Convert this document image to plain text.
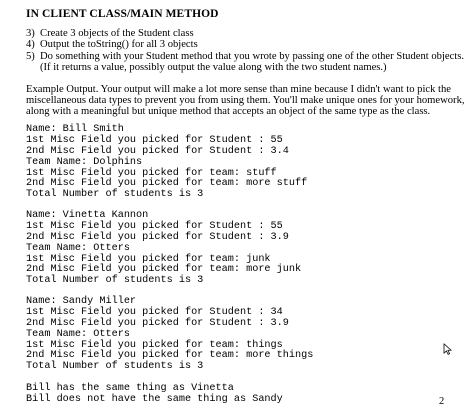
IN CLIENT CLASS/MAIN METHOD
3) Create 3 objects of the Student class
4) Output the toString() for all 3 objects
5) Do something with your Student method that you wrote by passing one of the other Student objects. (If it returns a value, possibly output the value along with the two student names.)
Example Output. Your output will make a lot more sense than mine because I didn't want to pick the miscellaneous data types to prevent you from using them. You'll make unique ones for your homework, along with a meaningful but unique method that accepts an object of the same type as the class.

Name: Bill Smith
1st Misc Field you picked for Student : 55
2nd Misc Field you picked for Student : 3.4
Team Name: Dolphins
1st Misc Field you picked for team: stuff
2nd Misc Field you picked for team: more stuff
Total Number of students is 3

Name: Vinetta Kannon
1st Misc Field you picked for Student : 55
2nd Misc Field you picked for Student : 3.9
Team Name: Otters
1st Misc Field you picked for team: junk
2nd Misc Field you picked for team: more junk
Total Number of students is 3

Name: Sandy Miller
1st Misc Field you picked for Student : 34
2nd Misc Field you picked for Student : 3.9
Team Name: Otters
1st Misc Field you picked for team: things
2nd Misc Field you picked for team: more things
Total Number of students is 3

Bill has the same thing as Vinetta
Bill does not have the same thing as Sandy	2
